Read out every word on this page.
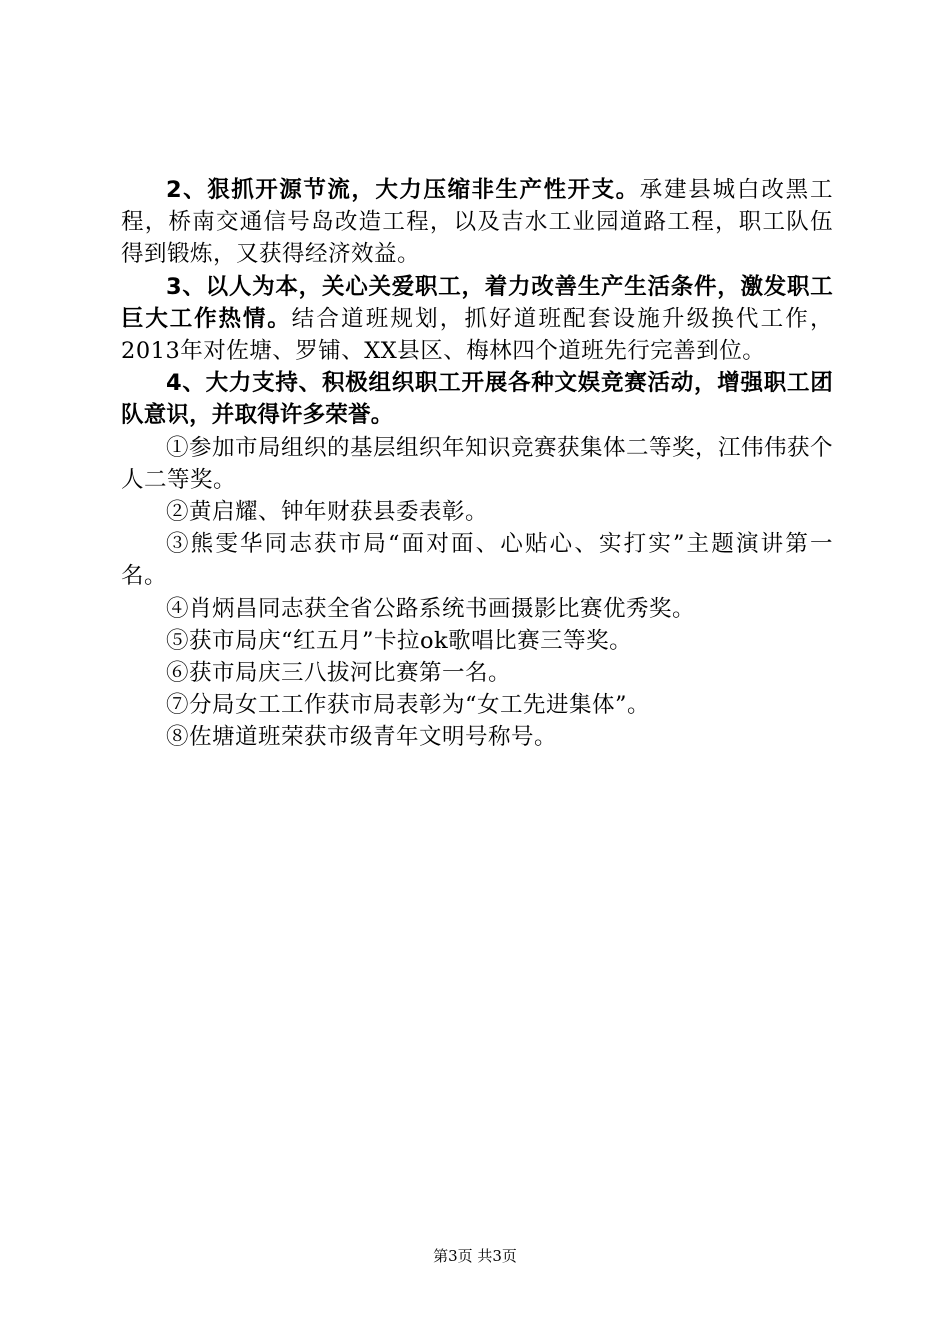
2、狠抓开源节流，大力压缩非生产性开支。承建县城白改黑工程，桥南交通信号岛改造工程，以及吉水工业园道路工程，职工队伍得到锻炼，又获得经济效益。

3、以人为本，关心关爱职工，着力改善生产生活条件，激发职工巨大工作热情。结合道班规划，抓好道班配套设施升级换代工作，2013年对佐塘、罗铺、XX县区、梅林四个道班先行完善到位。

4、大力支持、积极组织职工开展各种文娱竞赛活动，增强职工团队意识，并取得许多荣誉。

①参加市局组织的基层组织年知识竞赛获集体二等奖，江伟伟获个人二等奖。

②黄启耀、钟年财获县委表彰。

③熊雯华同志获市局“面对面、心贴心、实打实”主题演讲第一名。

④肖炳昌同志获全省公路系统书画摄影比赛优秀奖。

⑤获市局庆“红五月”卡拉ok歌唱比赛三等奖。

⑥获市局庆三八拔河比赛第一名。

⑦分局女工工作获市局表彰为“女工先进集体”。

⑧佐塘道班荣获市级青年文明号称号。

第3页 共3页
